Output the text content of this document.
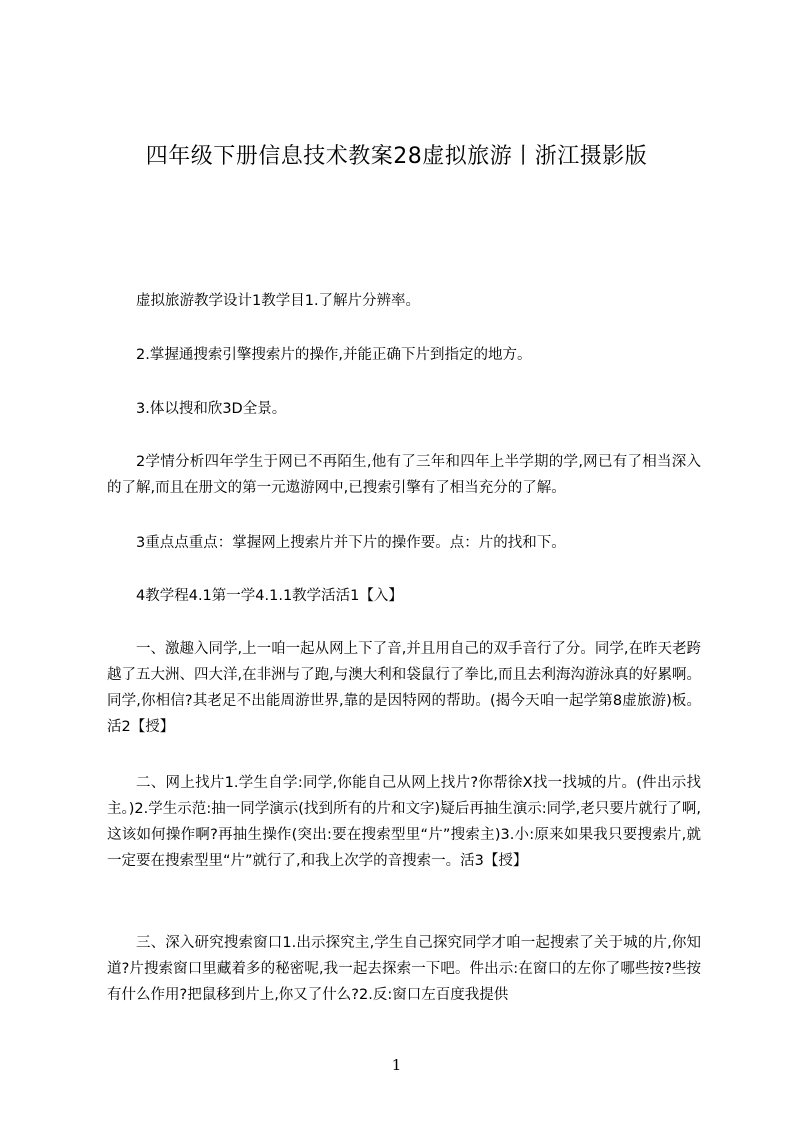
四年级下册信息技术教案28虚拟旅游丨浙江摄影版

虚拟旅游教学设计1教学目1.了解片分辨率。

2.掌握通搜索引擎搜索片的操作,并能正确下片到指定的地方。

3.体以搜和欣3D全景。

2学情分析四年学生于网已不再陌生,他有了三年和四年上半学期的学,网已有了相当深入的了解,而且在册文的第一元遨游网中,已搜索引擎有了相当充分的了解。

3重点点重点：掌握网上搜索片并下片的操作要。点：片的找和下。

4教学程4.1第一学4.1.1教学活活1【入】

一、激趣入同学,上一咱一起从网上下了音,并且用自己的双手音行了分。同学,在昨天老跨越了五大洲、四大洋,在非洲与了跑,与澳大利和袋鼠行了拳比,而且去利海沟游泳真的好累啊。同学,你相信?其老足不出能周游世界,靠的是因特网的帮助。(揭今天咱一起学第8虚旅游)板。活2【授】

二、网上找片1.学生自学:同学,你能自己从网上找片?你帮徐X找一找城的片。(件出示找主。)2.学生示范:抽一同学演示(找到所有的片和文字)疑后再抽生演示:同学,老只要片就行了啊,这该如何操作啊?再抽生操作(突出:要在搜索型里“片”搜索主)3.小:原来如果我只要搜索片,就一定要在搜索型里“片”就行了,和我上次学的音搜索一。活3【授】

三、深入研究搜索窗口1.出示探究主,学生自己探究同学才咱一起搜索了关于城的片,你知道?片搜索窗口里藏着多的秘密呢,我一起去探索一下吧。件出示:在窗口的左你了哪些按?些按有什么作用?把鼠移到片上,你又了什么?2.反:窗口左百度我提供

1
